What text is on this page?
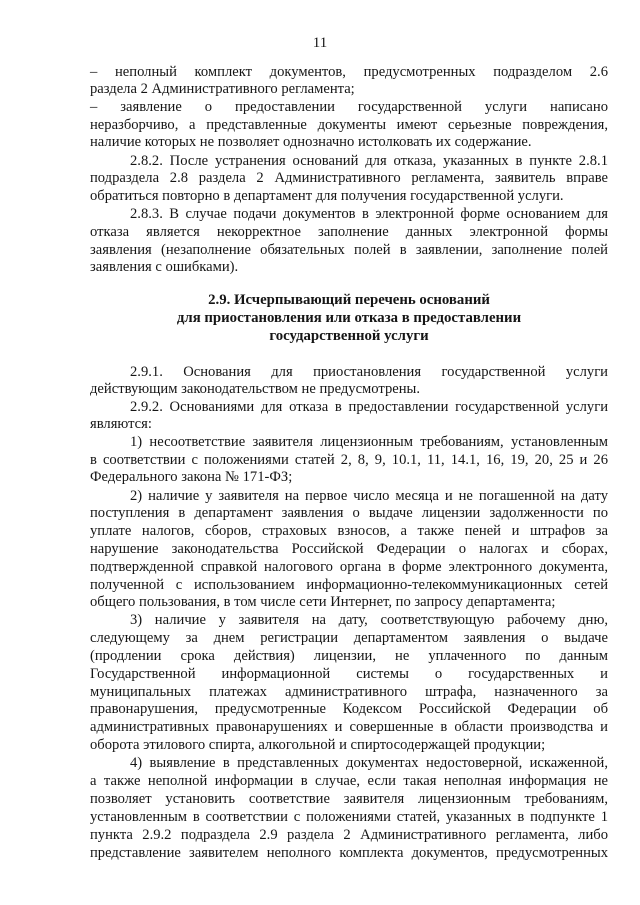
11
– неполный комплект документов, предусмотренных подразделом 2.6
раздела 2 Административного регламента;
– заявление о предоставлении государственной услуги написано
неразборчиво, а представленные документы имеют серьезные повреждения,
наличие которых не позволяет однозначно истолковать их содержание.
2.8.2. После устранения оснований для отказа, указанных в пункте 2.8.1
подраздела 2.8 раздела 2 Административного регламента, заявитель вправе
обратиться повторно в департамент для получения государственной услуги.
2.8.3. В случае подачи документов в электронной форме основанием для
отказа является некорректное заполнение данных электронной формы
заявления (незаполнение обязательных полей в заявлении, заполнение полей
заявления с ошибками).
2.9. Исчерпывающий перечень оснований
для приостановления или отказа в предоставлении
государственной услуги
2.9.1. Основания для приостановления государственной услуги
действующим законодательством не предусмотрены.
2.9.2. Основаниями для отказа в предоставлении государственной услуги
являются:
1) несоответствие заявителя лицензионным требованиям, установленным
в соответствии с положениями статей 2, 8, 9, 10.1, 11, 14.1, 16, 19, 20, 25 и 26
Федерального закона № 171-ФЗ;
2) наличие у заявителя на первое число месяца и не погашенной на дату
поступления в департамент заявления о выдаче лицензии задолженности по
уплате налогов, сборов, страховых взносов, а также пеней и штрафов за
нарушение законодательства Российской Федерации о налогах и сборах,
подтвержденной справкой налогового органа в форме электронного документа,
полученной с использованием информационно-телекоммуникационных сетей
общего пользования, в том числе сети Интернет, по запросу департамента;
3) наличие у заявителя на дату, соответствующую рабочему дню,
следующему за днем регистрации департаментом заявления о выдаче
(продлении срока действия) лицензии, не уплаченного по данным
Государственной информационной системы о государственных и
муниципальных платежах административного штрафа, назначенного за
правонарушения, предусмотренные Кодексом Российской Федерации об
административных правонарушениях и совершенные в области производства и
оборота этилового спирта, алкогольной и спиртосодержащей продукции;
4) выявление в представленных документах недостоверной, искаженной,
а также неполной информации в случае, если такая неполная информация не
позволяет установить соответствие заявителя лицензионным требованиям,
установленным в соответствии с положениями статей, указанных в подпункте 1
пункта 2.9.2 подраздела 2.9 раздела 2 Административного регламента, либо
представление заявителем неполного комплекта документов, предусмотренных
